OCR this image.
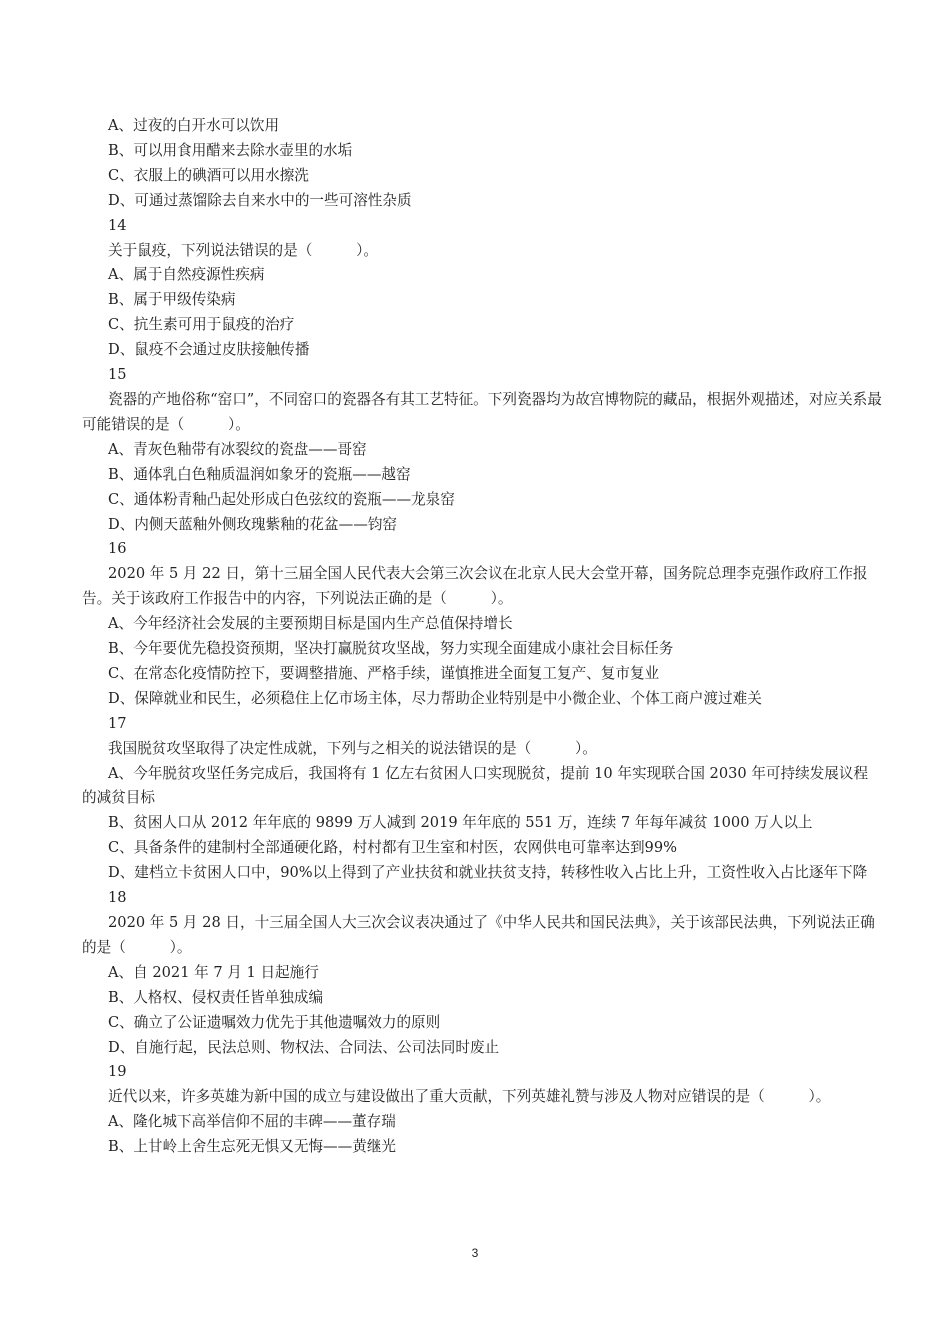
A、过夜的白开水可以饮用
B、可以用食用醋来去除水壶里的水垢
C、衣服上的碘酒可以用水擦洗
D、可通过蒸馏除去自来水中的一些可溶性杂质
14
关于鼠疫，下列说法错误的是（　　　）。
A、属于自然疫源性疾病
B、属于甲级传染病
C、抗生素可用于鼠疫的治疗
D、鼠疫不会通过皮肤接触传播
15
瓷器的产地俗称“窑口”，不同窑口的瓷器各有其工艺特征。下列瓷器均为故宫博物院的藏品，根据外观描述，对应关系最可能错误的是（　　　）。
A、青灰色釉带有冰裂纹的瓷盘——哥窑
B、通体乳白色釉质温润如象牙的瓷瓶——越窑
C、通体粉青釉凸起处形成白色弦纹的瓷瓶——龙泉窑
D、内侧天蓝釉外侧玫瑰紫釉的花盆——钧窑
16
2020 年 5 月 22 日，第十三届全国人民代表大会第三次会议在北京人民大会堂开幕，国务院总理李克强作政府工作报告。关于该政府工作报告中的内容，下列说法正确的是（　　　）。
A、今年经济社会发展的主要预期目标是国内生产总值保持增长
B、今年要优先稳投资预期，坚决打赢脱贫攻坚战，努力实现全面建成小康社会目标任务
C、在常态化疫情防控下，要调整措施、严格手续，谨慎推进全面复工复产、复市复业
D、保障就业和民生，必须稳住上亿市场主体，尽力帮助企业特别是中小微企业、个体工商户渡过难关
17
我国脱贫攻坚取得了决定性成就，下列与之相关的说法错误的是（　　　）。
A、今年脱贫攻坚任务完成后，我国将有 1 亿左右贫困人口实现脱贫，提前 10 年实现联合国 2030 年可持续发展议程的减贫目标
B、贫困人口从 2012 年年底的 9899 万人减到 2019 年年底的 551 万，连续 7 年每年减贫 1000 万人以上
C、具备条件的建制村全部通硬化路，村村都有卫生室和村医，农网供电可靠率达到99%
D、建档立卡贫困人口中，90%以上得到了产业扶贫和就业扶贫支持，转移性收入占比上升，工资性收入占比逐年下降
18
2020 年 5 月 28 日，十三届全国人大三次会议表决通过了《中华人民共和国民法典》，关于该部民法典，下列说法正确的是（　　　）。
A、自 2021 年 7 月 1 日起施行
B、人格权、侵权责任皆单独成编
C、确立了公证遗嘱效力优先于其他遗嘱效力的原则
D、自施行起，民法总则、物权法、合同法、公司法同时废止
19
近代以来，许多英雄为新中国的成立与建设做出了重大贡献，下列英雄礼赞与涉及人物对应错误的是（　　　）。
A、隆化城下高举信仰不屈的丰碑——董存瑞
B、上甘岭上舍生忘死无惧又无悔——黄继光
3
